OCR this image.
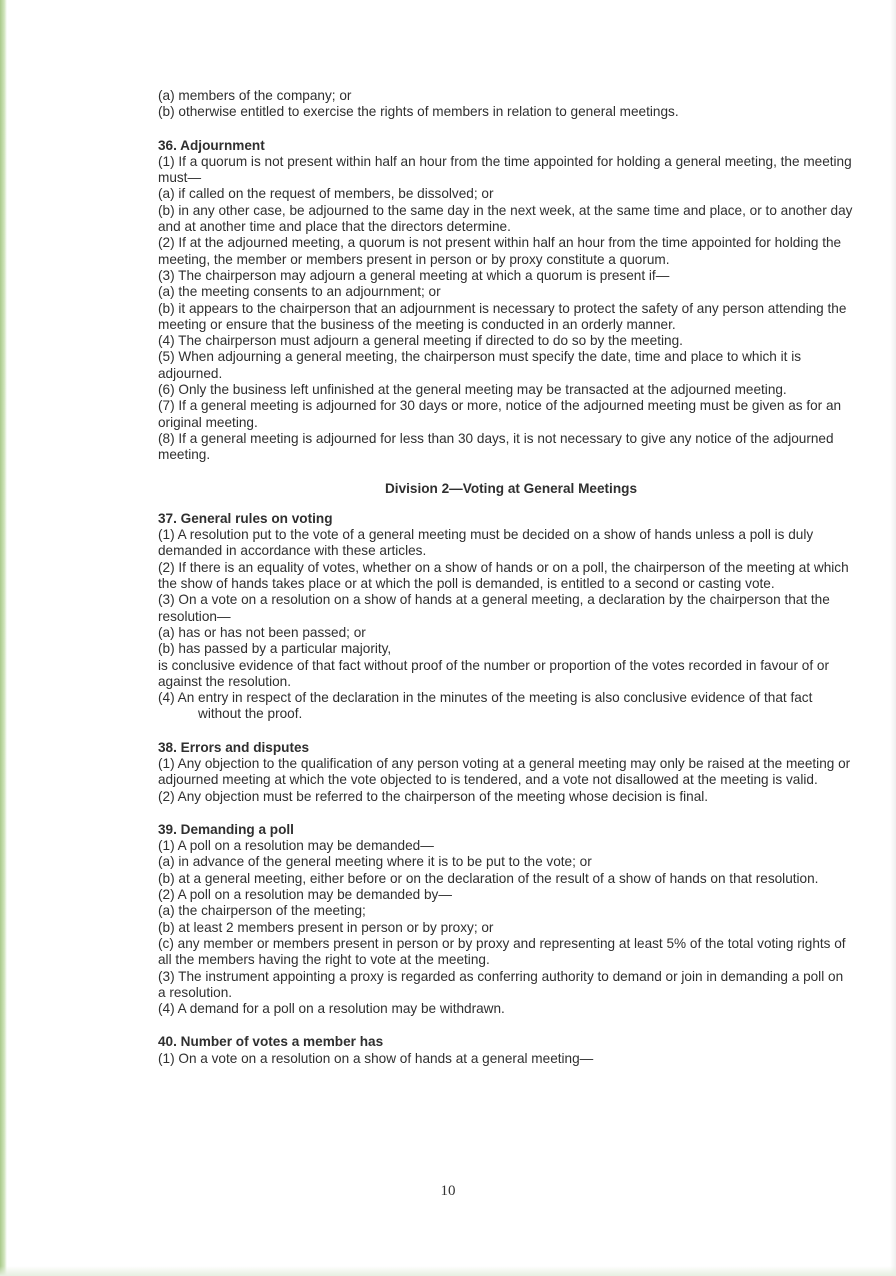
(a) members of the company; or

(b) otherwise entitled to exercise the rights of members in relation to general meetings.

36. Adjournment

(1) If a quorum is not present within half an hour from the time appointed for holding a general meeting, the meeting must—

(a) if called on the request of members, be dissolved; or

(b) in any other case, be adjourned to the same day in the next week, at the same time and place, or to another day and at another time and place that the directors determine.

(2) If at the adjourned meeting, a quorum is not present within half an hour from the time appointed for holding the meeting, the member or members present in person or by proxy constitute a quorum.

(3) The chairperson may adjourn a general meeting at which a quorum is present if—

(a) the meeting consents to an adjournment; or

(b) it appears to the chairperson that an adjournment is necessary to protect the safety of any person attending the meeting or ensure that the business of the meeting is conducted in an orderly manner.

(4) The chairperson must adjourn a general meeting if directed to do so by the meeting.

(5) When adjourning a general meeting, the chairperson must specify the date, time and place to which it is adjourned.

(6) Only the business left unfinished at the general meeting may be transacted at the adjourned meeting.

(7) If a general meeting is adjourned for 30 days or more, notice of the adjourned meeting must be given as for an original meeting.

(8) If a general meeting is adjourned for less than 30 days, it is not necessary to give any notice of the adjourned meeting.

Division 2—Voting at General Meetings

37. General rules on voting

(1) A resolution put to the vote of a general meeting must be decided on a show of hands unless a poll is duly demanded in accordance with these articles.

(2) If there is an equality of votes, whether on a show of hands or on a poll, the chairperson of the meeting at which the show of hands takes place or at which the poll is demanded, is entitled to a second or casting vote.

(3) On a vote on a resolution on a show of hands at a general meeting, a declaration by the chairperson that the resolution—

(a) has or has not been passed; or

(b) has passed by a particular majority,

is conclusive evidence of that fact without proof of the number or proportion of the votes recorded in favour of or against the resolution.

(4) An entry in respect of the declaration in the minutes of the meeting is also conclusive evidence of that fact without the proof.

38. Errors and disputes

(1) Any objection to the qualification of any person voting at a general meeting may only be raised at the meeting or adjourned meeting at which the vote objected to is tendered, and a vote not disallowed at the meeting is valid.

(2) Any objection must be referred to the chairperson of the meeting whose decision is final.

39. Demanding a poll

(1) A poll on a resolution may be demanded—

(a) in advance of the general meeting where it is to be put to the vote; or

(b) at a general meeting, either before or on the declaration of the result of a show of hands on that resolution.

(2) A poll on a resolution may be demanded by—

(a) the chairperson of the meeting;

(b) at least 2 members present in person or by proxy; or

(c) any member or members present in person or by proxy and representing at least 5% of the total voting rights of all the members having the right to vote at the meeting.

(3) The instrument appointing a proxy is regarded as conferring authority to demand or join in demanding a poll on a resolution.

(4) A demand for a poll on a resolution may be withdrawn.

40. Number of votes a member has

(1) On a vote on a resolution on a show of hands at a general meeting—

10
